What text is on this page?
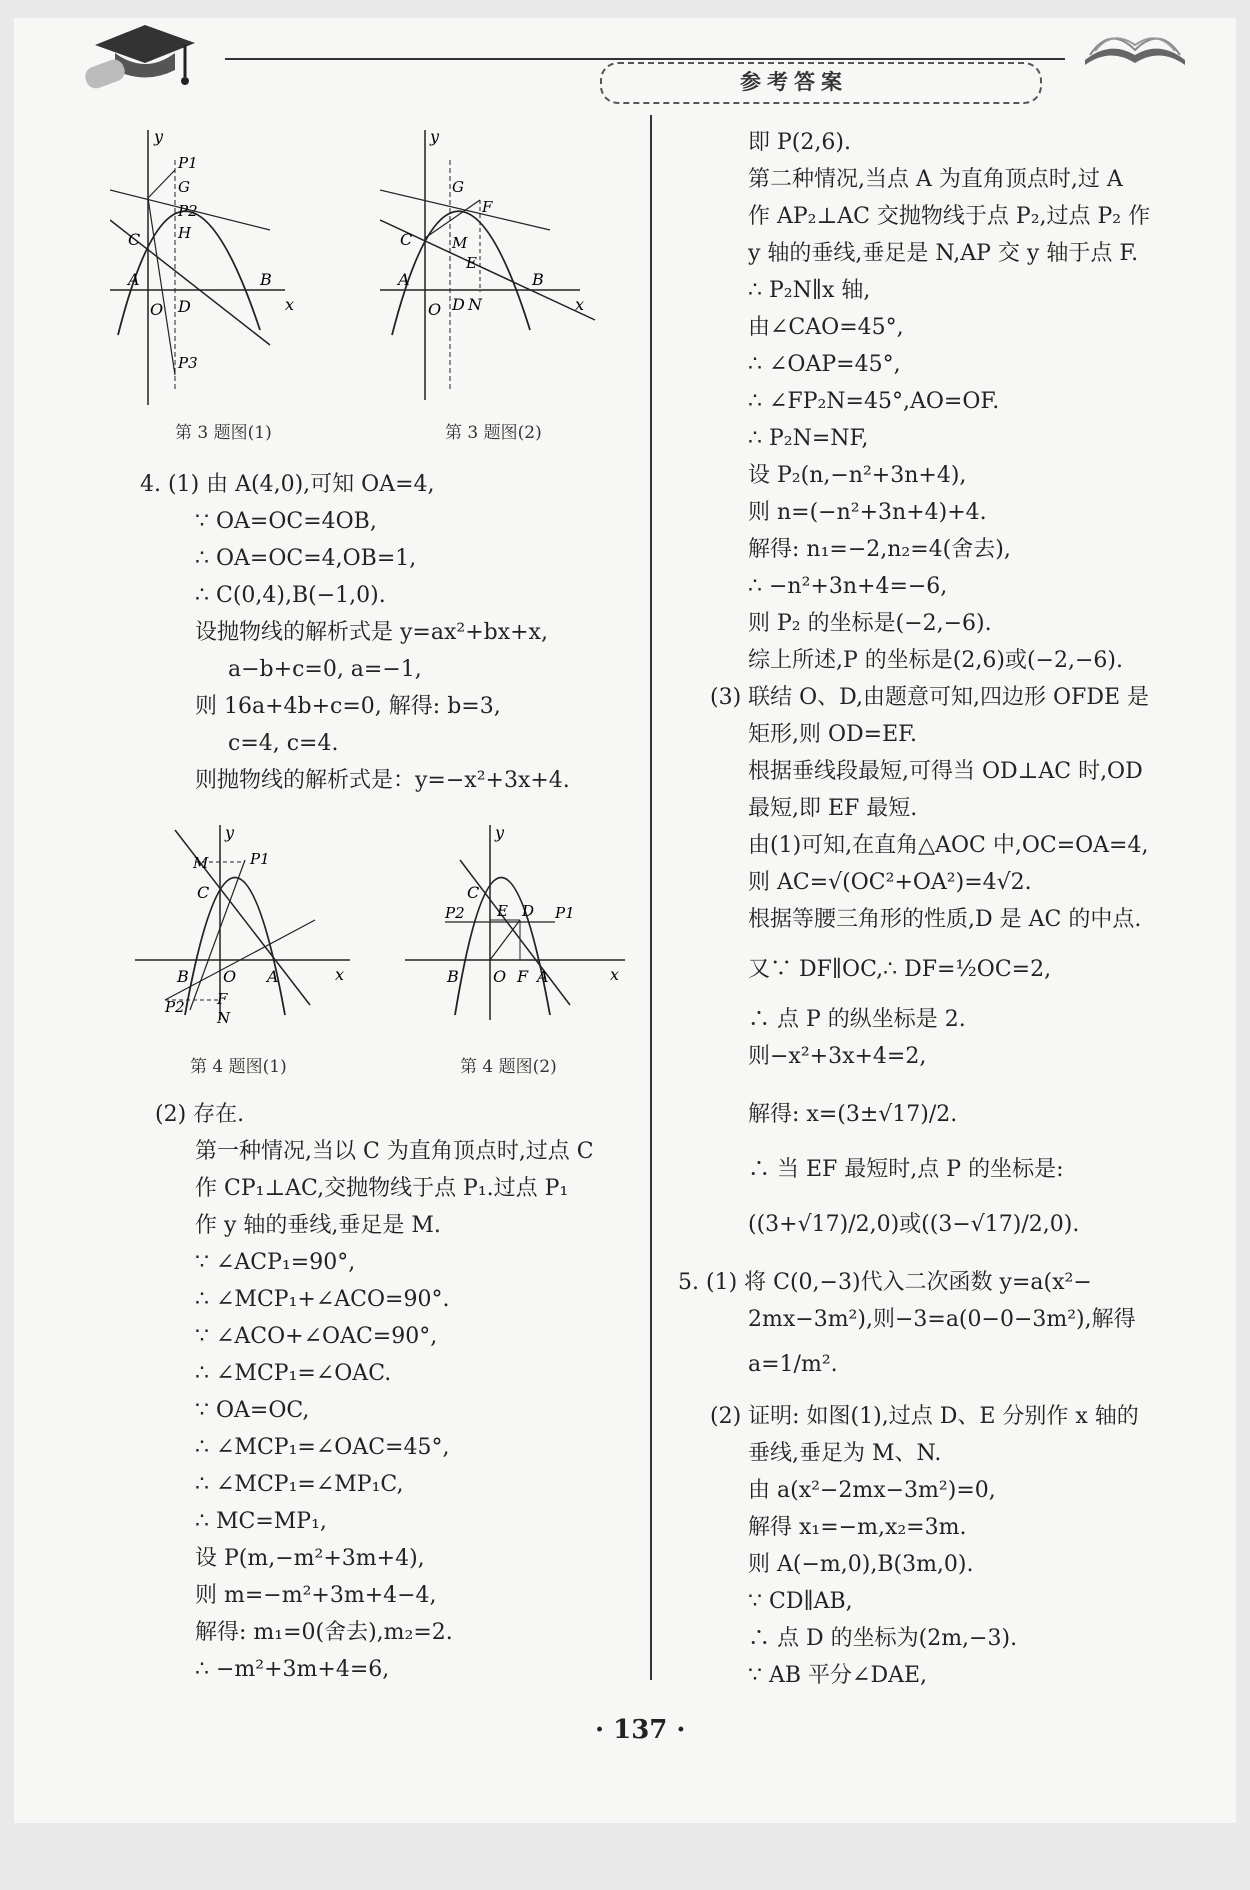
参考答案
y
P1
G
P2
H
C
A
O D
B
x
P3
第 3 题图(1)
y
G
F
M
C
E
A
O D N
B
x
第 3 题图(2)
4. (1) 由 A(4,0),可知 OA=4,
∵ OA=OC=4OB,
∴ OA=OC=4,OB=1,
∴ C(0,4),B(−1,0).
设抛物线的解析式是 y=ax²+bx+x,
a−b+c=0, a=−1,
则 16a+4b+c=0, 解得: b=3,
c=4, c=4.
则抛物线的解析式是：y=−x²+3x+4.
y
M	P1
C
B O A	x
P2 F
N
第 4 题图(1)
y
C
E D
P2	P1
B O F A	x
第 4 题图(2)
(2) 存在.
第一种情况,当以 C 为直角顶点时,过点 C
作 CP₁⊥AC,交抛物线于点 P₁.过点 P₁
作 y 轴的垂线,垂足是 M.
∵ ∠ACP₁=90°,
∴ ∠MCP₁+∠ACO=90°.
∵ ∠ACO+∠OAC=90°,
∴ ∠MCP₁=∠OAC.
∵ OA=OC,
∴ ∠MCP₁=∠OAC=45°,
∴ ∠MCP₁=∠MP₁C,
∴ MC=MP₁,
设 P(m,−m²+3m+4),
则 m=−m²+3m+4−4,
解得: m₁=0(舍去),m₂=2.
∴ −m²+3m+4=6,
即 P(2,6).
第二种情况,当点 A 为直角顶点时,过 A
作 AP₂⊥AC 交抛物线于点 P₂,过点 P₂ 作
y 轴的垂线,垂足是 N,AP 交 y 轴于点 F.
∴ P₂N∥x 轴,
由∠CAO=45°,
∴ ∠OAP=45°,
∴ ∠FP₂N=45°,AO=OF.
∴ P₂N=NF,
设 P₂(n,−n²+3n+4),
则 n=(−n²+3n+4)+4.
解得: n₁=−2,n₂=4(舍去),
∴ −n²+3n+4=−6,
则 P₂ 的坐标是(−2,−6).
综上所述,P 的坐标是(2,6)或(−2,−6).
(3) 联结 O、D,由题意可知,四边形 OFDE 是
矩形,则 OD=EF.
根据垂线段最短,可得当 OD⊥AC 时,OD
最短,即 EF 最短.
由(1)可知,在直角△AOC 中,OC=OA=4,
则 AC=√(OC²+OA²)=4√2.
根据等腰三角形的性质,D 是 AC 的中点.
又∵ DF∥OC,∴ DF=½OC=2,
∴ 点 P 的纵坐标是 2.
则−x²+3x+4=2,
解得: x=(3±√17)/2.
∴ 当 EF 最短时,点 P 的坐标是:
((3+√17)/2,0)或((3−√17)/2,0).
5. (1) 将 C(0,−3)代入二次函数 y=a(x²−
2mx−3m²),则−3=a(0−0−3m²),解得
a=1/m².
(2) 证明: 如图(1),过点 D、E 分别作 x 轴的
垂线,垂足为 M、N.
由 a(x²−2mx−3m²)=0,
解得 x₁=−m,x₂=3m.
则 A(−m,0),B(3m,0).
∵ CD∥AB,
∴ 点 D 的坐标为(2m,−3).
∵ AB 平分∠DAE,
· 137 ·
